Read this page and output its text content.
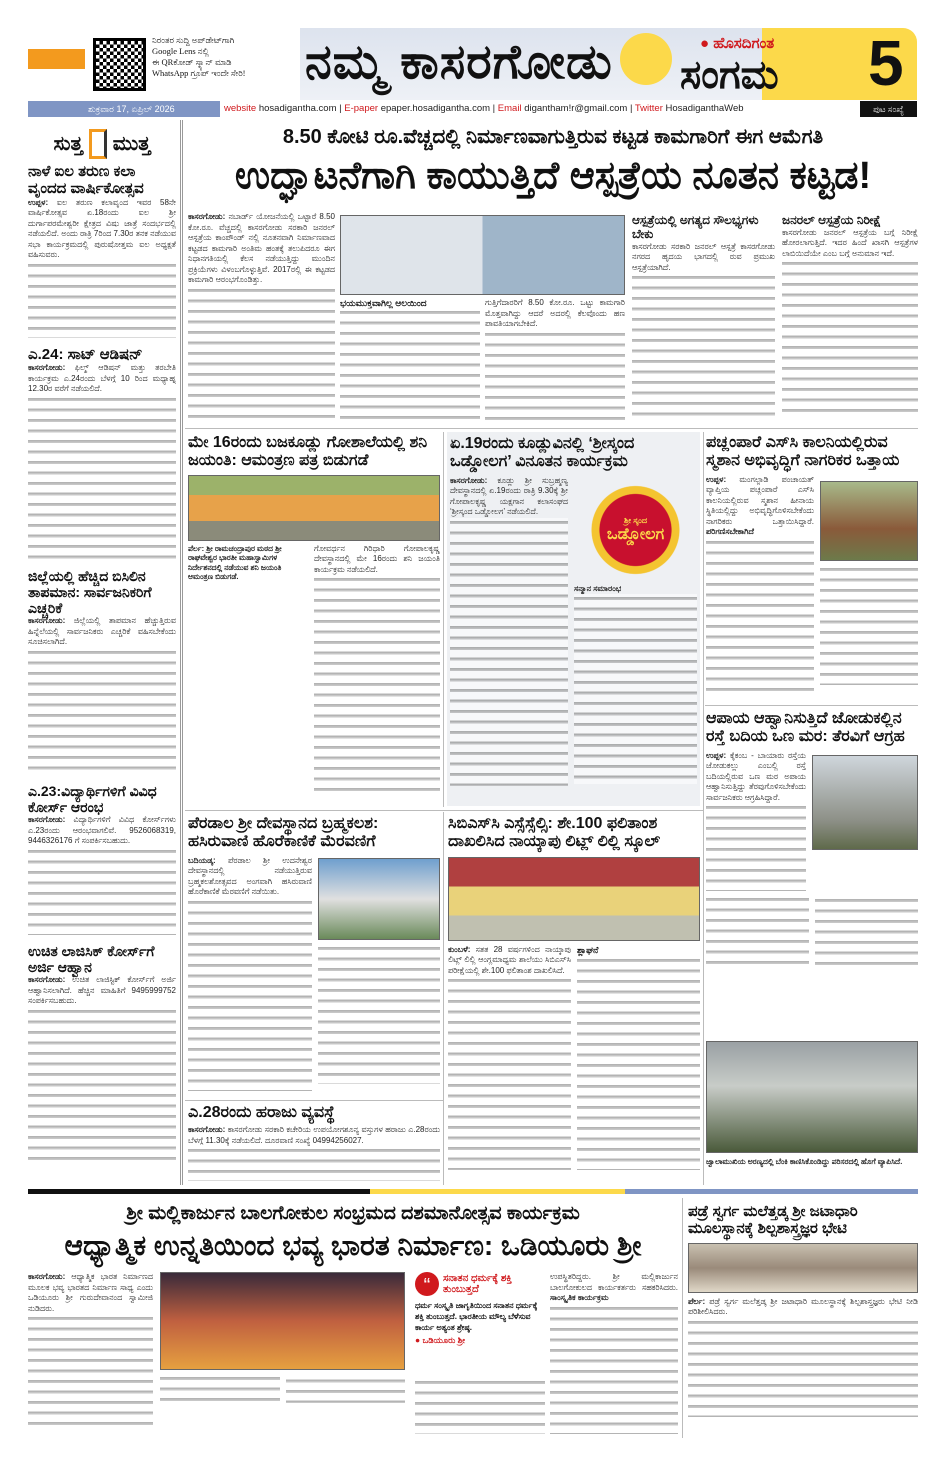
ನಿರಂತರ ಸುದ್ದಿ ಅಪ್‌ಡೇಟ್‌ಗಾಗಿ
Google Lens ನಲ್ಲಿ
ಈ QRಕೋಡ್ ಸ್ಕ್ಯಾನ್ ಮಾಡಿ
WhatsApp ಗ್ರೂಪ್ ಇಂದೇ ಸೇರಿ!	ನಮ್ಮ ಕಾಸರಗೋಡು	● ಹೊಸದಿಗಂತ
ಸಂಗಮ 5
ಶುಕ್ರವಾರ 17, ಏಪ್ರಿಲ್ 2026	website hosadigantha.com | E-paper epaper.hosadigantha.com | Email digantham!r@gmail.com | Twitter HosadiganthaWeb	ಪುಟ ಸಂಖ್ಯೆ
ಸುತ್ತ ಮುತ್ತ
ನಾಳೆ ಐಲ ತರುಣ ಕಲಾ ವೃಂದದ ವಾರ್ಷಿಕೋತ್ಸವ
ಉಪ್ಪಳ: ಐಲ ತರುಣ ಕಲಾವೃಂದ ಇವರ 58ನೇ ವಾರ್ಷಿಕೋತ್ಸವ ಏ.18ರಂದು ಐಲ ಶ್ರೀ ದುರ್ಗಾಪರಮೇಶ್ವರೀ ಕ್ಷೇತ್ರದ ವಿಷು ಜಾತ್ರೆ ಸಂದರ್ಭದಲ್ಲಿ ನಡೆಯಲಿದೆ. ಅಂದು ರಾತ್ರಿ 7ರಿಂದ 7.30ರ ತನಕ ನಡೆಯುವ ಸಭಾ ಕಾರ್ಯಕ್ರಮದಲ್ಲಿ ಪುರುಷೋತ್ತಮ ಐಲ ಅಧ್ಯಕ್ಷತೆ ವಹಿಸುವರು.
ಎ.24: ಸಾಟ್ ಆಡಿಷನ್
ಕಾಸರಗೋಡು: ಫಿಲ್ಮ್ ಆಡಿಷನ್ ಮತ್ತು ತರಬೇತಿ ಕಾರ್ಯಕ್ರಮ ಎ.24ರಂದು ಬೆಳಗ್ಗೆ 10 ರಿಂದ ಮಧ್ಯಾಹ್ನ 12.30ರ ವರೆಗೆ ನಡೆಯಲಿದೆ.
ಜಿಲ್ಲೆಯಲ್ಲಿ ಹೆಚ್ಚಿದ ಬಿಸಿಲಿನ ತಾಪಮಾನ: ಸಾರ್ವಜನಿಕರಿಗೆ ಎಚ್ಚರಿಕೆ
ಕಾಸರಗೋಡು: ಜಿಲ್ಲೆಯಲ್ಲಿ ತಾಪಮಾನ ಹೆಚ್ಚುತ್ತಿರುವ ಹಿನ್ನೆಲೆಯಲ್ಲಿ ಸಾರ್ವಜನಿಕರು ಎಚ್ಚರಿಕೆ ವಹಿಸಬೇಕೆಂದು ಸೂಚಿಸಲಾಗಿದೆ.
ಎ.23:ವಿದ್ಯಾರ್ಥಿಗಳಿಗೆ ವಿವಿಧ ಕೋರ್ಸ್ ಆರಂಭ
ಕಾಸರಗೋಡು: ವಿದ್ಯಾರ್ಥಿಗಳಿಗೆ ವಿವಿಧ ಕೋರ್ಸ್‌ಗಳು ಎ.23ರಂದು ಆರಂಭವಾಗಲಿವೆ. 9526068319, 9446326176 ಗೆ ಸಂಪರ್ಕಿಸಬಹುದು.
ಉಚಿತ ಲಾಜಿಸಿಕ್ ಕೋರ್ಸ್‌ಗೆ ಅರ್ಜಿ ಆಹ್ವಾನ
ಕಾಸರಗೋಡು: ಉಚಿತ ಲಾಜಿಸ್ಟಿಕ್ ಕೋರ್ಸ್‌ಗೆ ಅರ್ಜಿ ಆಹ್ವಾನಿಸಲಾಗಿದೆ. ಹೆಚ್ಚಿನ ಮಾಹಿತಿಗೆ 9495999752 ಸಂಪರ್ಕಿಸಬಹುದು.
8.50 ಕೋಟಿ ರೂ.ವೆಚ್ಚದಲ್ಲಿ ನಿರ್ಮಾಣವಾಗುತ್ತಿರುವ ಕಟ್ಟಡ ಕಾಮಗಾರಿಗೆ ಈಗ ಆಮೆಗತಿ
ಉದ್ಘಾಟನೆಗಾಗಿ ಕಾಯುತ್ತಿದೆ ಆಸ್ಪತ್ರೆಯ ನೂತನ ಕಟ್ಟಡ!
ಕಾಸರಗೋಡು: ನಬಾರ್ಡ್ ಯೋಜನೆಯಲ್ಲಿ ಒಟ್ಟಾರೆ 8.50 ಕೋ.ರೂ. ವೆಚ್ಚದಲ್ಲಿ ಕಾಸರಗೋಡು ಸರಕಾರಿ ಜನರಲ್ ಆಸ್ಪತ್ರೆಯ ಕಾಂಪೌಂಡ್ ನಲ್ಲಿ ನೂತನವಾಗಿ ನಿರ್ಮಾಣವಾದ ಕಟ್ಟಡದ ಕಾಮಗಾರಿ ಅಂತಿಮ ಹಂತಕ್ಕೆ ತಲುಪಿದರೂ ಈಗ ನಿಧಾನಗತಿಯಲ್ಲಿ ಕೆಲಸ ನಡೆಯುತ್ತಿದ್ದು ಮುಂದಿನ ಪ್ರಕ್ರಿಯೆಗಳು ವಿಳಂಬಗೊಳ್ಳುತ್ತಿವೆ. 2017ರಲ್ಲಿ ಈ ಕಟ್ಟಡದ ಕಾಮಗಾರಿ ಆರಂಭಗೊಂಡಿತ್ತು.
ಭಯಮುಕ್ತವಾಗಿಲ್ಲ ಆಲಯಿಂದ	ಗುತ್ತಿಗೆದಾರರಿಗೆ 8.50 ಕೋ.ರೂ. ಒಟ್ಟು ಕಾಮಗಾರಿ ಮೊತ್ತವಾಗಿದ್ದು ಆದರೆ ಅದರಲ್ಲಿ ಕೆಲವೊಂದು ಹಣ ಪಾವತಿಯಾಗಬೇಕಿದೆ.
ಆಸ್ಪತ್ರೆಯಲ್ಲಿ ಅಗತ್ಯದ ಸೌಲಭ್ಯಗಳು ಬೇಕು
ಕಾಸರಗೋಡು ಸರಕಾರಿ ಜನರಲ್ ಆಸ್ಪತ್ರೆ ಕಾಸರಗೋಡು ನಗರದ ಹೃದಯ ಭಾಗದಲ್ಲಿ ರುವ ಪ್ರಮುಖ ಆಸ್ಪತ್ರೆಯಾಗಿದೆ.
ಜನರಲ್ ಆಸ್ಪತ್ರೆಯ ನಿರೀಕ್ಷೆ
ಕಾಸರಗೋಡು ಜನರಲ್ ಆಸ್ಪತ್ರೆಯ ಬಗ್ಗೆ ನಿರೀಕ್ಷೆ ಹೋರಲಾಗುತ್ತಿದೆ. ಇದರ ಹಿಂದೆ ಖಾಸಗಿ ಆಸ್ಪತ್ರೆಗಳ ಲಾಬಿಯಿದೆಯೇ ಎಂಬ ಬಗ್ಗೆ ಅನುಮಾನ ಇದೆ.
ಮೇ 16ರಂದು ಬಜಕೂಡ್ಲು ಗೋಶಾಲೆಯಲ್ಲಿ ಶನಿ ಜಯಂತಿ: ಆಮಂತ್ರಣ ಪತ್ರ ಬಿಡುಗಡೆ
ಪೆರ್ಲ: ಶ್ರೀ ರಾಮಚಂದ್ರಾಪುರ ಮಠದ ಶ್ರೀ ರಾಘವೇಶ್ವರ ಭಾರತೀ ಮಹಾಸ್ವಾಮಿಗಳ ನಿರ್ದೇಶನದಲ್ಲಿ ನಡೆಯುವ ಶನಿ ಜಯಂತಿ ಆಮಂತ್ರಣ ಬಿಡುಗಡೆ.
ಗೋವರ್ಧನ ಗಿರಿಧಾರಿ ಗೋಪಾಲಕೃಷ್ಣ ದೇವಸ್ಥಾನದಲ್ಲಿ ಮೇ 16ರಂದು ಶನಿ ಜಯಂತಿ ಕಾರ್ಯಕ್ರಮ ನಡೆಯಲಿದೆ.
ಏ.19ರಂದು ಕೂಡ್ಲುವಿನಲ್ಲಿ ‘ಶ್ರೀಸ್ಕಂದ ಒಡ್ಡೋಲಗ’ ವಿನೂತನ ಕಾರ್ಯಕ್ರಮ
ಕಾಸರಗೋಡು: ಕೂಡ್ಲು ಶ್ರೀ ಸುಬ್ರಹ್ಮಣ್ಯ ದೇವಸ್ಥಾನದಲ್ಲಿ ಏ.19ರಂದು ರಾತ್ರಿ 9.30ಕ್ಕೆ ಶ್ರೀ ಗೋಪಾಲಕೃಷ್ಣ ಯಕ್ಷಗಾನ ಕಲಾಸಂಘದ ‘ಶ್ರೀಸ್ಕಂದ ಒಡ್ಡೋಲಗ’ ನಡೆಯಲಿದೆ.
ಶ್ರೀ ಸ್ಕಂದ
ಒಡ್ಡೋಲಗ
ಸನ್ಮಾನ ಸಮಾರಂಭ
ಪಚ್ಲಂಪಾರೆ ಎಸ್‌ಸಿ ಕಾಲನಿಯಲ್ಲಿರುವ ಸ್ಮಶಾನ ಅಭಿವೃದ್ಧಿಗೆ ನಾಗರಿಕರ ಒತ್ತಾಯ
ಉಪ್ಪಳ: ಮಂಗಲ್ಪಾಡಿ ಪಂಚಾಯತ್ ವ್ಯಾಪ್ತಿಯ ಪಚ್ಲಂಪಾರೆ ಎಸ್‌ಸಿ ಕಾಲನಿಯಲ್ಲಿರುವ ಸ್ಮಶಾನ ಹೀನಾಯ ಸ್ಥಿತಿಯಲ್ಲಿದ್ದು ಅಭಿವೃದ್ಧಿಗೊಳಿಸಬೇಕೆಂದು ನಾಗರಿಕರು ಒತ್ತಾಯಿಸಿದ್ದಾರೆ. ಪರಿಗಣಿಸಬೇಕಾಗಿದೆ
ಆಪಾಯ ಆಹ್ವಾನಿಸುತ್ತಿದೆ ಜೋಡುಕಲ್ಲಿನ ರಸ್ತೆ ಬದಿಯ ಒಣ ಮರ: ತೆರವಿಗೆ ಆಗ್ರಹ
ಉಪ್ಪಳ: ಕೈಕಂಬ - ಬಾಯಾರು ರಸ್ತೆಯ ಜೋಡುಕಲ್ಲು ಎಂಬಲ್ಲಿ ರಸ್ತೆ ಬದಿಯಲ್ಲಿರುವ ಒಣ ಮರ ಅಪಾಯ ಆಹ್ವಾನಿಸುತ್ತಿದ್ದು ತೆರವುಗೊಳಿಸಬೇಕೆಂದು ಸಾರ್ವಜನಿಕರು ಆಗ್ರಹಿಸಿದ್ದಾರೆ.
ಜ್ವಾಲಾಮುಖಿಯ ಅರಣ್ಯದಲ್ಲಿ ಬೆಂಕಿ ಕಾಣಿಸಿಕೊಂಡಿದ್ದು ಪರಿಸರದಲ್ಲಿ ಹೊಗೆ ವ್ಯಾಪಿಸಿದೆ.
ಪೆರಡಾಲ ಶ್ರೀ ದೇವಸ್ಥಾನದ ಬ್ರಹ್ಮಕಲಶ: ಹಸಿರುವಾಣಿ ಹೊರೆಕಾಣಿಕೆ ಮೆರವಣಿಗೆ
ಬದಿಯಡ್ಕ: ಪೆರಡಾಲ ಶ್ರೀ ಉದನೇಶ್ವರ ದೇವಸ್ಥಾನದಲ್ಲಿ ನಡೆಯುತ್ತಿರುವ ಬ್ರಹ್ಮಕಲಶೋತ್ಸವದ ಅಂಗವಾಗಿ ಹಸಿರುವಾಣಿ ಹೊರೆಕಾಣಿಕೆ ಮೆರವಣಿಗೆ ನಡೆಯಿತು.
ಎ.28ರಂದು ಹರಾಜು ವ್ಯವಸ್ಥೆ
ಕಾಸರಗೋಡು: ಕಾಸರಗೋಡು ಸರಕಾರಿ ಕಚೇರಿಯ ಉಪಯೋಗಶೂನ್ಯ ವಸ್ತುಗಳ ಹರಾಜು ಎ.28ರಂದು ಬೆಳಗ್ಗೆ 11.30ಕ್ಕೆ ನಡೆಯಲಿದೆ. ದೂರವಾಣಿ ಸಂಖ್ಯೆ 04994256027.
ಸಿಬಿಎಸ್‌ಸಿ ಎಸ್ಸೆಸ್ಸೆಲ್ಸಿ: ಶೇ.100 ಫಲಿತಾಂಶ ದಾಖಲಿಸಿದ ನಾಯ್ಕಾಪು ಲಿಟ್ಲ್ ಲಿಲ್ಲಿ ಸ್ಕೂಲ್
ಕುಂಬಳೆ: ಸತತ 28 ವರ್ಷಗಳಿಂದ ನಾಯ್ಕಾಪು ಲಿಟ್ಲ್ ಲಿಲ್ಲಿ ಆಂಗ್ಲಮಾಧ್ಯಮ ಶಾಲೆಯು ಸಿಬಿಎಸ್‌ಸಿ ಪರೀಕ್ಷೆಯಲ್ಲಿ ಶೇ.100 ಫಲಿತಾಂಶ ದಾಖಲಿಸಿದೆ.
ಶ್ಲಾಘನೆ
ಶ್ರೀ ಮಲ್ಲಿಕಾರ್ಜುನ ಬಾಲಗೋಕುಲ ಸಂಭ್ರಮದ ದಶಮಾನೋತ್ಸವ ಕಾರ್ಯಕ್ರಮ
ಆಧ್ಯಾತ್ಮಿಕ ಉನ್ನತಿಯಿಂದ ಭವ್ಯ ಭಾರತ ನಿರ್ಮಾಣ: ಒಡಿಯೂರು ಶ್ರೀ
ಕಾಸರಗೋಡು: ಆಧ್ಯಾತ್ಮಿಕ ಭಾರತ ನಿರ್ಮಾಣದ ಮೂಲಕ ಭವ್ಯ ಭಾರತದ ನಿರ್ಮಾಣ ಸಾಧ್ಯ ಎಂದು ಒಡಿಯೂರು ಶ್ರೀ ಗುರುದೇವಾನಂದ ಸ್ವಾಮೀಜಿ ನುಡಿದರು.
“	ಸನಾತನ ಧರ್ಮಕ್ಕೆ ಶಕ್ತಿ ತುಂಬುತ್ತದೆ
ಧರ್ಮ ಸಂಸ್ಕೃತಿ ಜಾಗೃತಿಯಿಂದ ಸನಾತನ ಧರ್ಮಕ್ಕೆ ಶಕ್ತಿ ತುಂಬುತ್ತದೆ. ಭಾರತೀಯ ಮೌಲ್ಯ ಬೆಳೆಸುವ ಕಾರ್ಯ ಅತ್ಯಂತ ಶ್ರೇಷ್ಠ.
● ಒಡಿಯೂರು ಶ್ರೀ
ಉಪಸ್ಥಿತರಿದ್ದರು. ಶ್ರೀ ಮಲ್ಲಿಕಾರ್ಜುನ ಬಾಲಗೋಕುಲದ ಕಾರ್ಯಕರ್ತರು ಸಹಕರಿಸಿದರು. ಸಾಂಸ್ಕೃತಿಕ ಕಾರ್ಯಕ್ರಮ
ಪಡ್ರೆ ಸ್ವರ್ಗ ಮಲೆತ್ತಡ್ಕ ಶ್ರೀ ಜಟಾಧಾರಿ ಮೂಲಸ್ಥಾನಕ್ಕೆ ಶಿಲ್ಪಶಾಸ್ತ್ರಜ್ಞರ ಭೇಟಿ
ಪೆರ್ಲ: ಪಡ್ರೆ ಸ್ವರ್ಗ ಮಲೆತ್ತಡ್ಕ ಶ್ರೀ ಜಟಾಧಾರಿ ಮೂಲಸ್ಥಾನಕ್ಕೆ ಶಿಲ್ಪಶಾಸ್ತ್ರಜ್ಞರು ಭೇಟಿ ನೀಡಿ ಪರಿಶೀಲಿಸಿದರು.
